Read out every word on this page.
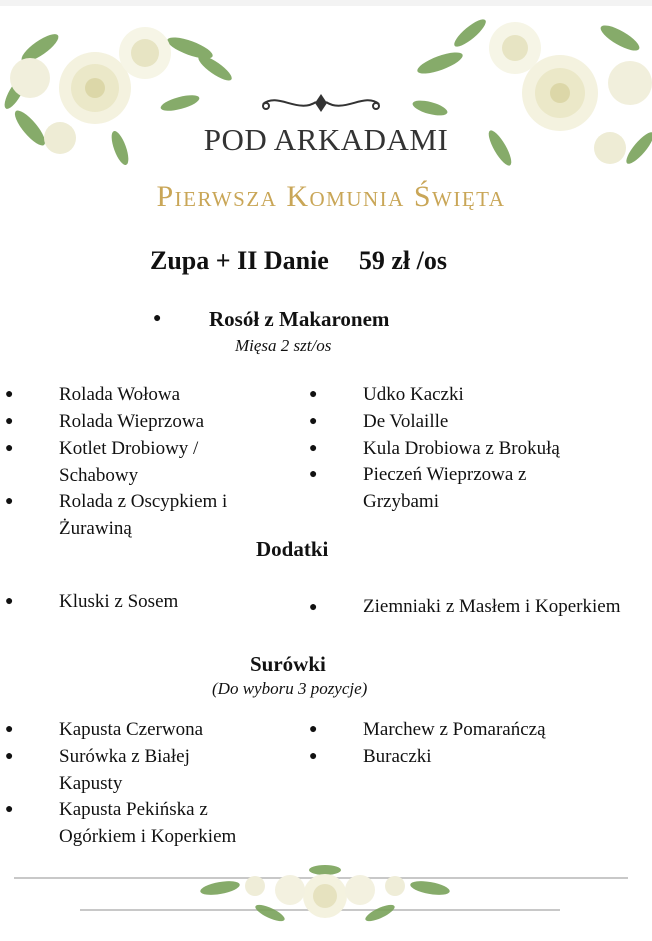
POD ARKADAMI
Pierwsza Komunia Święta
Zupa + II Danie 59 zł /os
● Rosół z Makaronem
Mięsa 2 szt/os
● Rolada Wołowa
● Rolada Wieprzowa
● Kotlet Drobiowy / Schabowy
● Rolada z Oscypkiem i Żurawiną
● Udko Kaczki
● De Volaille
● Kula Drobiowa z Brokułą
● Pieczeń Wieprzowa z Grzybami
Dodatki
● Kluski z Sosem	● Ziemniaki z Masłem i Koperkiem
Surówki
(Do wyboru 3 pozycje)
● Kapusta Czerwona
● Surówka z Białej Kapusty
● Kapusta Pekińska z Ogórkiem i Koperkiem
● Marchew z Pomarańczą
● Buraczki
